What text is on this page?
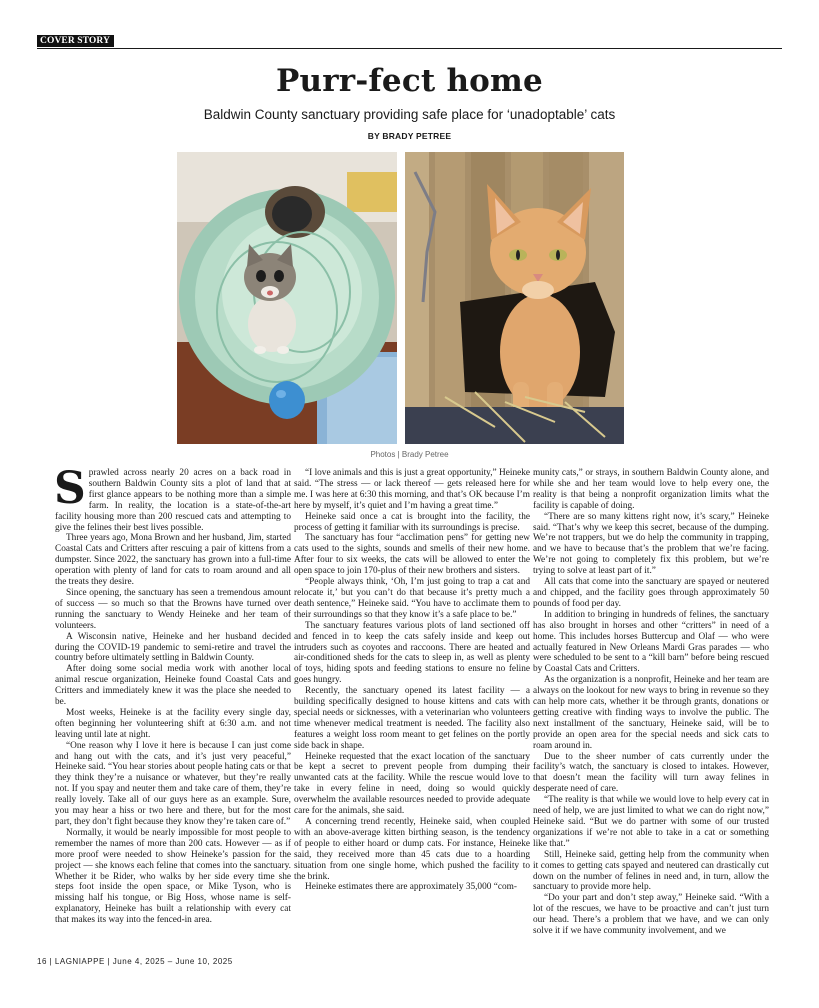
COVER STORY
Purr-fect home
Baldwin County sanctuary providing safe place for ‘unadoptable’ cats
BY BRADY PETREE
Photos | Brady Petree

Sprawled across nearly 20 acres on a back road in southern Baldwin County sits a plot of land that at first glance appears to be nothing more than a simple farm. In reality, the location is a state-of-the-art facility housing more than 200 rescued cats and attempting to give the felines their best lives possible.

Three years ago, Mona Brown and her husband, Jim, started Coastal Cats and Critters after rescuing a pair of kittens from a dumpster. Since 2022, the sanctuary has grown into a full-time operation with plenty of land for cats to roam around and all the treats they desire.

Since opening, the sanctuary has seen a tremendous amount of success — so much so that the Browns have turned over running the sanctuary to Wendy Heineke and her team of volunteers.

A Wisconsin native, Heineke and her husband decided during the COVID-19 pandemic to semi-retire and travel the country before ultimately settling in Baldwin County.

After doing some social media work with another local animal rescue organization, Heineke found Coastal Cats and Critters and immediately knew it was the place she needed to be.

Most weeks, Heineke is at the facility every single day, often beginning her volunteering shift at 6:30 a.m. and not leaving until late at night.

“One reason why I love it here is because I can just come and hang out with the cats, and it’s just very peaceful,” Heineke said. “You hear stories about people hating cats or that they think they’re a nuisance or whatever, but they’re really not. If you spay and neuter them and take care of them, they’re really lovely. Take all of our guys here as an example. Sure, you may hear a hiss or two here and there, but for the most part, they don’t fight because they know they’re taken care of.”

Normally, it would be nearly impossible for most people to remember the names of more than 200 cats. However — as if more proof were needed to show Heineke’s passion for the project — she knows each feline that comes into the sanctuary. Whether it be Rider, who walks by her side every time she steps foot inside the open space, or Mike Tyson, who is missing half his tongue, or Big Hoss, whose name is self-explanatory, Heineke has built a relationship with every cat that makes its way into the fenced-in area.

“I love animals and this is just a great opportunity,” Heineke said. “The stress — or lack thereof — gets released here for me. I was here at 6:30 this morning, and that’s OK because I’m here by myself, it’s quiet and I’m having a great time.”

Heineke said once a cat is brought into the facility, the process of getting it familiar with its surroundings is precise.

The sanctuary has four “acclimation pens” for getting new cats used to the sights, sounds and smells of their new home. After four to six weeks, the cats will be allowed to enter the open space to join 170-plus of their new brothers and sisters.

“People always think, ‘Oh, I’m just going to trap a cat and relocate it,’ but you can’t do that because it’s pretty much a death sentence,” Heineke said. “You have to acclimate them to their surroundings so that they know it’s a safe place to be.”

The sanctuary features various plots of land sectioned off and fenced in to keep the cats safely inside and keep out intruders such as coyotes and raccoons. There are heated and air-conditioned sheds for the cats to sleep in, as well as plenty of toys, hiding spots and feeding stations to ensure no feline goes hungry.

Recently, the sanctuary opened its latest facility — a building specifically designed to house kittens and cats with special needs or sicknesses, with a veterinarian who volunteers time whenever medical treatment is needed. The facility also features a weight loss room meant to get felines on the portly side back in shape.

Heineke requested that the exact location of the sanctuary be kept a secret to prevent people from dumping their unwanted cats at the facility. While the rescue would love to take in every feline in need, doing so would quickly overwhelm the available resources needed to provide adequate care for the animals, she said.

A concerning trend recently, Heineke said, when coupled with an above-average kitten birthing season, is the tendency of people to either hoard or dump cats. For instance, Heineke said, they received more than 45 cats due to a hoarding situation from one single home, which pushed the facility to the brink.

Heineke estimates there are approximately 35,000 “com-

munity cats,” or strays, in southern Baldwin County alone, and while she and her team would love to help every one, the reality is that being a nonprofit organization limits what the facility is capable of doing.

“There are so many kittens right now, it’s scary,” Heineke said. “That’s why we keep this secret, because of the dumping. We’re not trappers, but we do help the community in trapping, and we have to because that’s the problem that we’re facing. We’re not going to completely fix this problem, but we’re trying to solve at least part of it.”

All cats that come into the sanctuary are spayed or neutered and chipped, and the facility goes through approximately 50 pounds of food per day.

In addition to bringing in hundreds of felines, the sanctuary has also brought in horses and other “critters” in need of a home. This includes horses Buttercup and Olaf — who were actually featured in New Orleans Mardi Gras parades — who were scheduled to be sent to a “kill barn” before being rescued by Coastal Cats and Critters.

As the organization is a nonprofit, Heineke and her team are always on the lookout for new ways to bring in revenue so they can help more cats, whether it be through grants, donations or getting creative with finding ways to involve the public. The next installment of the sanctuary, Heineke said, will be to provide an open area for the special needs and sick cats to roam around in.

Due to the sheer number of cats currently under the facility’s watch, the sanctuary is closed to intakes. However, that doesn’t mean the facility will turn away felines in desperate need of care.

“The reality is that while we would love to help every cat in need of help, we are just limited to what we can do right now,” Heineke said. “But we do partner with some of our trusted organizations if we’re not able to take in a cat or something like that.”

Still, Heineke said, getting help from the community when it comes to getting cats spayed and neutered can drastically cut down on the number of felines in need and, in turn, allow the sanctuary to provide more help.

“Do your part and don’t step away,” Heineke said. “With a lot of the rescues, we have to be proactive and can’t just turn our head. There’s a problem that we have, and we can only solve it if we have community involvement, and we

16 | LAGNIAPPE | June 4, 2025 – June 10, 2025
